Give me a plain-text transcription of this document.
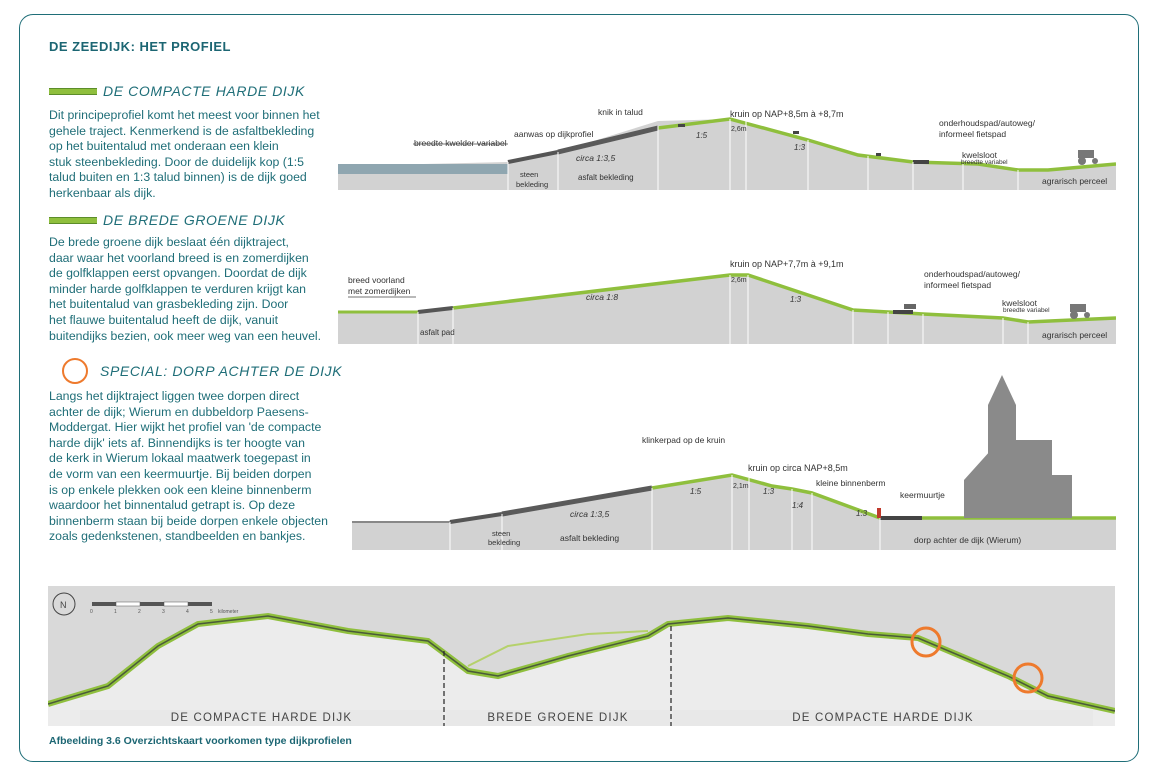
DE ZEEDIJK: HET PROFIEL
DE COMPACTE HARDE DIJK
Dit principeprofiel komt het meest voor binnen het
gehele traject. Kenmerkend is de asfaltbekleding
op het buitentalud met onderaan een klein
stuk steenbekleding. Door de duidelijk kop (1:5
talud buiten en 1:3 talud binnen) is de dijk goed
herkenbaar als dijk.
DE BREDE GROENE DIJK
De brede groene dijk beslaat één dijktraject,
daar waar het voorland breed is en zomerdijken
de golfklappen eerst opvangen. Doordat de dijk
minder harde golfklappen te verduren krijgt kan
het buitentalud van grasbekleding zijn. Door
het flauwe buitentalud heeft de dijk, vanuit
buitendijks bezien, ook meer weg van een heuvel.
SPECIAL: DORP ACHTER DE DIJK
Langs het dijktraject liggen twee dorpen direct
achter de dijk; Wierum en dubbeldorp Paesens-
Moddergat. Hier wijkt het profiel van 'de compacte
harde dijk' iets af. Binnendijks is ter hoogte van
de kerk in Wierum lokaal maatwerk toegepast in
de vorm van een keermuurtje. Bij beiden dorpen
is op enkele plekken ook een kleine binnenberm
waardoor het binnentalud getrapt is. Op deze
binnenberm staan bij beide dorpen enkele objecten
zoals gedenkstenen, standbeelden en bankjes.
breedte kwelder variabel
aanwas op dijkprofiel
knik in talud	kruin op NAP+8,5m à +8,7m
2,6m
circa 1:3,5
1:5
1:3
steen
bekleding
asfalt bekleding
onderhoudspad/autoweg/
informeel fietspad
kwelsloot
breedte variabel
agrarisch perceel
breed voorland
met zomerdijken
asfalt pad
circa 1:8
kruin op NAP+7,7m à +9,1m
2,6m
1:3
onderhoudspad/autoweg/
informeel fietspad
kwelsloot
breedte variabel
agrarisch perceel
klinkerpad op de kruin
kruin op circa NAP+8,5m
2,1m	kleine binnenberm
keermuurtje
1:5	1:3
1:4
1:3
circa 1:3,5
steen
bekleding	asfalt bekleding	dorp achter de dijk (Wierum)
N
0	1	2	3	4	5 kilometer
DE COMPACTE HARDE DIJK	BREDE GROENE DIJK	DE COMPACTE HARDE DIJK
Afbeelding 3.6 Overzichtskaart voorkomen type dijkprofielen
